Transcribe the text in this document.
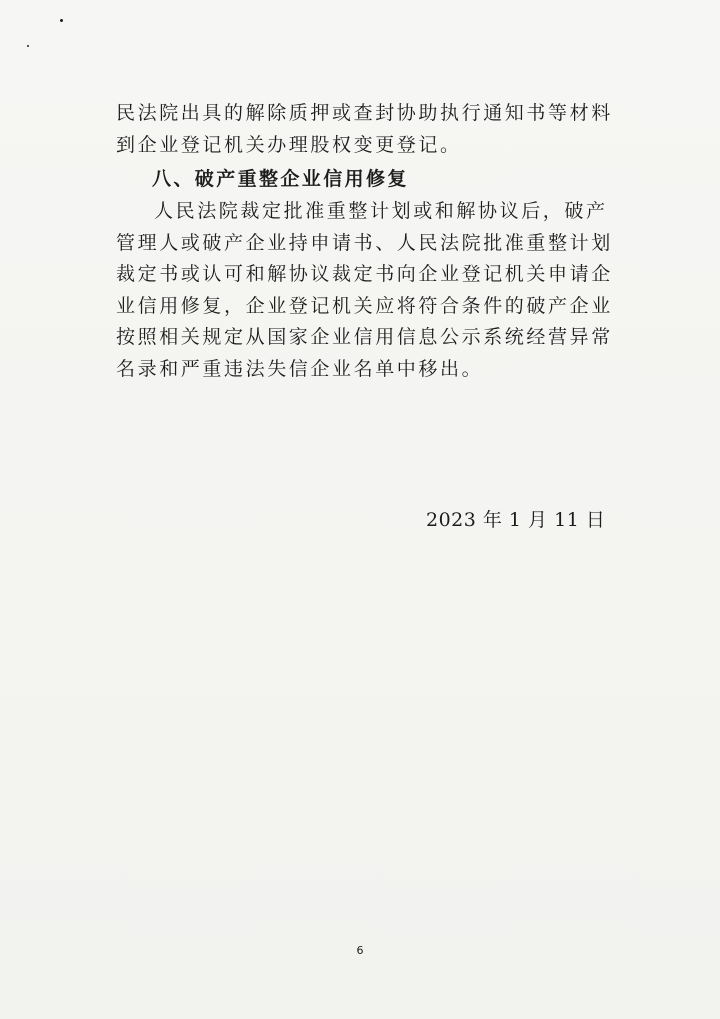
民法院出具的解除质押或查封协助执行通知书等材料到企业登记机关办理股权变更登记。

八、破产重整企业信用修复

人民法院裁定批准重整计划或和解协议后，破产管理人或破产企业持申请书、人民法院批准重整计划裁定书或认可和解协议裁定书向企业登记机关申请企业信用修复，企业登记机关应将符合条件的破产企业按照相关规定从国家企业信用信息公示系统经营异常名录和严重违法失信企业名单中移出。

2023 年 1 月 11 日

6
